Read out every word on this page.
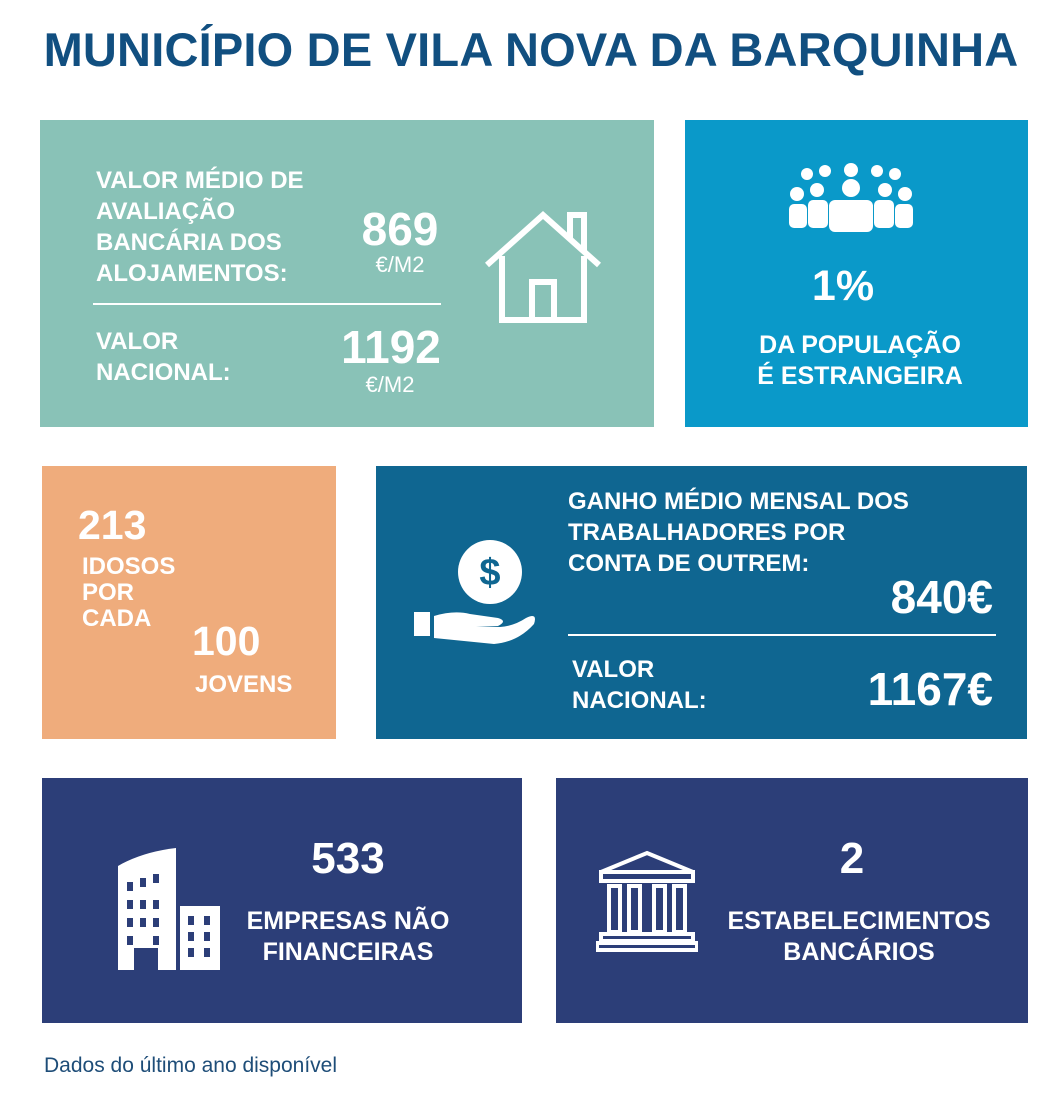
MUNICÍPIO DE VILA NOVA DA BARQUINHA
VALOR MÉDIO DE
AVALIAÇÃO
BANCÁRIA DOS
ALOJAMENTOS:
869
€/M2
VALOR
NACIONAL: 1192
€/M2
1%
DA POPULAÇÃO
É ESTRANGEIRA
213
IDOSOS
POR
CADA 100
JOVENS
$
GANHO MÉDIO MENSAL DOS
TRABALHADORES POR
CONTA DE OUTREM:
840€
VALOR
NACIONAL:	1167€
533
EMPRESAS NÃO
FINANCEIRAS
2
ESTABELECIMENTOS
BANCÁRIOS
Dados do último ano disponível
